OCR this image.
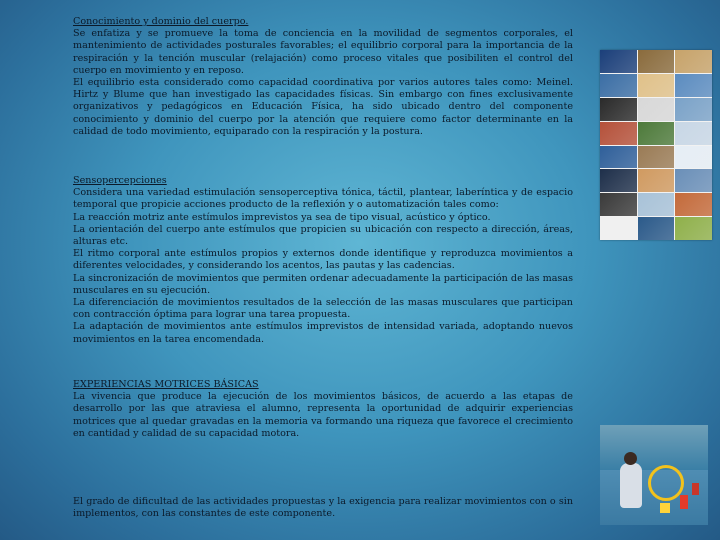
Conocimiento y dominio del cuerpo.
Se enfatiza y se promueve la toma de conciencia en la movilidad de segmentos corporales, el mantenimiento de actividades posturales favorables; el equilibrio corporal para la importancia de la respiración y la tención muscular (relajación) como proceso vitales que posibiliten el control del cuerpo en movimiento y en reposo.
El equilibrio esta considerado como capacidad coordinativa por varios autores tales como: Meinel. Hirtz y Blume que han investigado las capacidades físicas. Sin embargo con fines exclusivamente organizativos y pedagógicos en Educación Física, ha sido ubicado dentro del componente conocimiento y dominio del cuerpo por la atención que requiere como factor determinante en la calidad de todo movimiento, equiparado con la respiración y la postura.
Sensopercepciones
Considera una variedad estimulación sensoperceptiva tónica, táctil, plantear, laberíntica y de espacio temporal que propicie acciones producto de la reflexión y o automatización tales como:
La reacción motriz ante estímulos imprevistos ya sea de tipo visual, acústico y óptico.
La orientación del cuerpo ante estímulos que propicien su ubicación con respecto a dirección, áreas, alturas etc.
El ritmo corporal ante estímulos propios y externos donde identifique y reproduzca movimientos a diferentes velocidades, y considerando los acentos, las pautas y las cadencias.
La sincronización de movimientos que permiten ordenar adecuadamente la participación de las masas musculares en su ejecución.
La diferenciación de movimientos resultados de la selección de las masas musculares que participan con contracción óptima para lograr una tarea propuesta.
La adaptación de movimientos ante estímulos imprevistos de intensidad variada, adoptando nuevos movimientos en la tarea encomendada.
EXPERIENCIAS MOTRICES BÁSICAS
La vivencia que produce la ejecución de los movimientos básicos, de acuerdo a las etapas de desarrollo por las que atraviesa el alumno, representa la oportunidad de adquirir experiencias motrices que al quedar gravadas en la memoria va formando una riqueza que favorece el crecimiento en cantidad y calidad de su capacidad motora.
El grado de dificultad de las actividades propuestas y la exigencia para realizar movimientos con o sin implementos, con las constantes de este componente.
